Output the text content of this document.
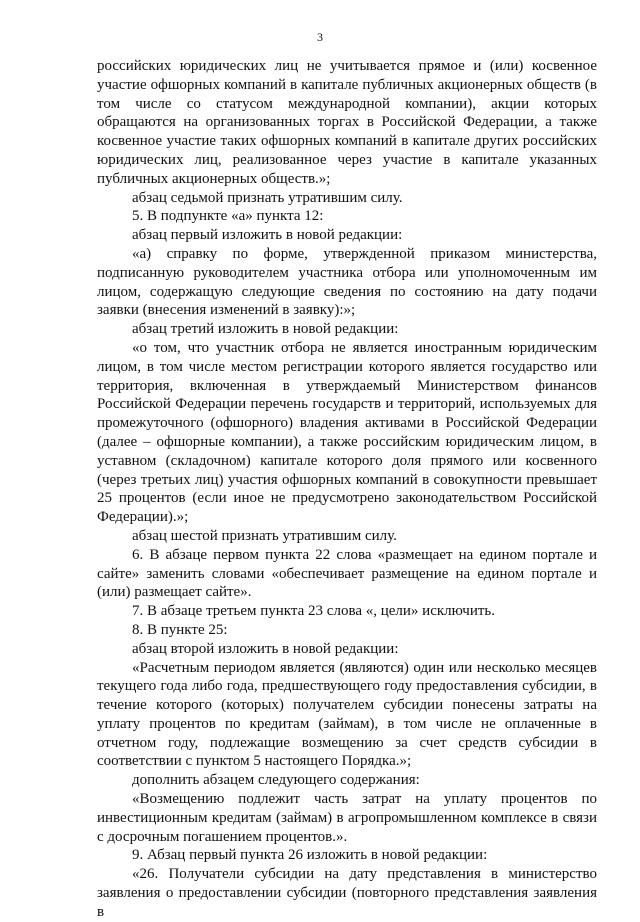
3

российских юридических лиц не учитывается прямое и (или) косвенное участие офшорных компаний в капитале публичных акционерных обществ (в том числе со статусом международной компании), акции которых обращаются на организованных торгах в Российской Федерации, а также косвенное участие таких офшорных компаний в капитале других российских юридических лиц, реализованное через участие в капитале указанных публичных акционерных обществ.»;

абзац седьмой признать утратившим силу.

5. В подпункте «а» пункта 12:

абзац первый изложить в новой редакции:

«а) справку по форме, утвержденной приказом министерства, подписанную руководителем участника отбора или уполномоченным им лицом, содержащую следующие сведения по состоянию на дату подачи заявки (внесения изменений в заявку):»;

абзац третий изложить в новой редакции:

«о том, что участник отбора не является иностранным юридическим лицом, в том числе местом регистрации которого является государство или территория, включенная в утверждаемый Министерством финансов Российской Федерации перечень государств и территорий, используемых для промежуточного (офшорного) владения активами в Российской Федерации (далее – офшорные компании), а также российским юридическим лицом, в уставном (складочном) капитале которого доля прямого или косвенного (через третьих лиц) участия офшорных компаний в совокупности превышает 25 процентов (если иное не предусмотрено законодательством Российской Федерации).»;

абзац шестой признать утратившим силу.

6. В абзаце первом пункта 22 слова «размещает на едином портале и сайте» заменить словами «обеспечивает размещение на едином портале и (или) размещает сайте».

7. В абзаце третьем пункта 23 слова «, цели» исключить.

8. В пункте 25:

абзац второй изложить в новой редакции:

«Расчетным периодом является (являются) один или несколько месяцев текущего года либо года, предшествующего году предоставления субсидии, в течение которого (которых) получателем субсидии понесены затраты на уплату процентов по кредитам (займам), в том числе не оплаченные в отчетном году, подлежащие возмещению за счет средств субсидии в соответствии с пунктом 5 настоящего Порядка.»;

дополнить абзацем следующего содержания:

«Возмещению подлежит часть затрат на уплату процентов по инвестиционным кредитам (займам) в агропромышленном комплексе в связи с досрочным погашением процентов.».

9. Абзац первый пункта 26 изложить в новой редакции:

«26. Получатели субсидии на дату представления в министерство заявления о предоставлении субсидии (повторного представления заявления в
